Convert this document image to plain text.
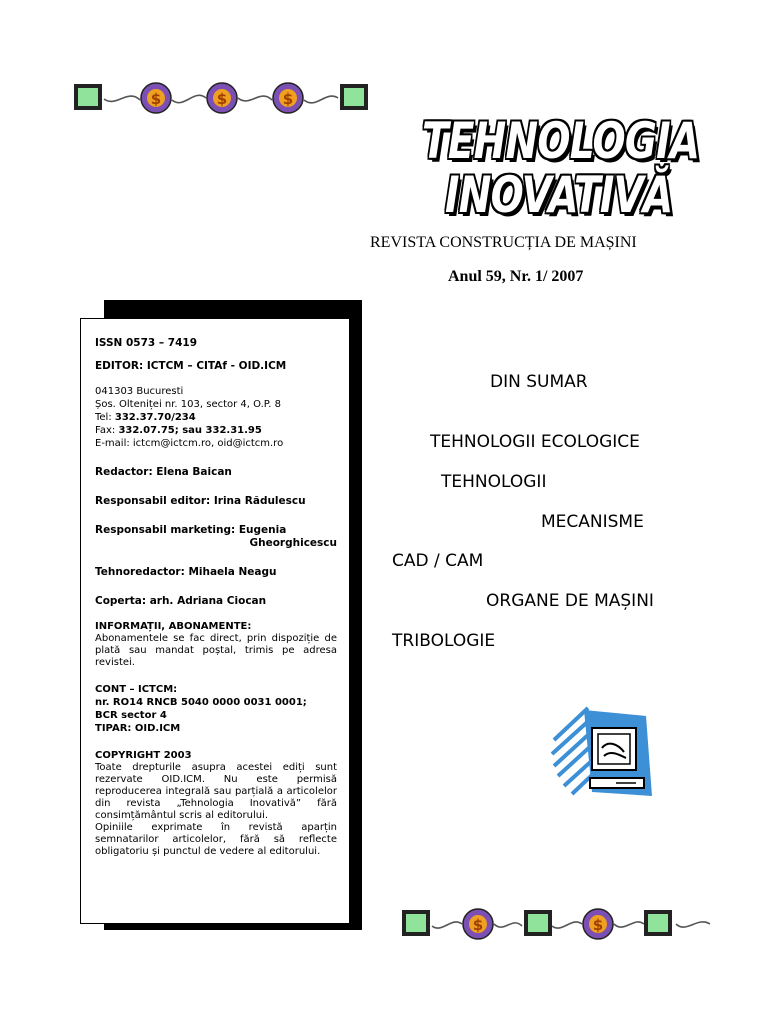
$	$	$
TEHNOLOGIA
INOVATIVĂ
REVISTA CONSTRUCȚIA DE MAȘINI
Anul 59, Nr. 1/ 2007
ISSN 0573 – 7419
EDITOR: ICTCM – CITAf - OID.ICM
041303 Bucuresti
Șos. Olteniței nr. 103, sector 4, O.P. 8
Tel: 332.37.70/234
Fax: 332.07.75; sau 332.31.95
E-mail: ictcm@ictcm.ro, oid@ictcm.ro
Redactor: Elena Baican
Responsabil editor: Irina Rădulescu
Responsabil marketing: Eugenia
Gheorghicescu
Tehnoredactor: Mihaela Neagu
Coperta: arh. Adriana Ciocan
INFORMAȚII, ABONAMENTE:
Abonamentele se fac direct, prin dispoziție de plată sau mandat poștal, trimis pe adresa revistei.
CONT – ICTCM:
nr. RO14 RNCB 5040 0000 0031 0001;
BCR sector 4
TIPAR: OID.ICM
COPYRIGHT 2003
Toate drepturile asupra acestei ediți sunt rezervate OID.ICM. Nu este permisă reproducerea integrală sau parțială a articolelor din revista „Tehnologia Inovativă” fără consimțământul scris al editorului.
Opiniile exprimate în revistă aparțin semnatarilor articolelor, fără să reflecte obligatoriu și punctul de vedere al editorului.
DIN SUMAR
TEHNOLOGII ECOLOGICE
TEHNOLOGII
MECANISME
CAD / CAM
ORGANE DE MAȘINI
TRIBOLOGIE
$	$
